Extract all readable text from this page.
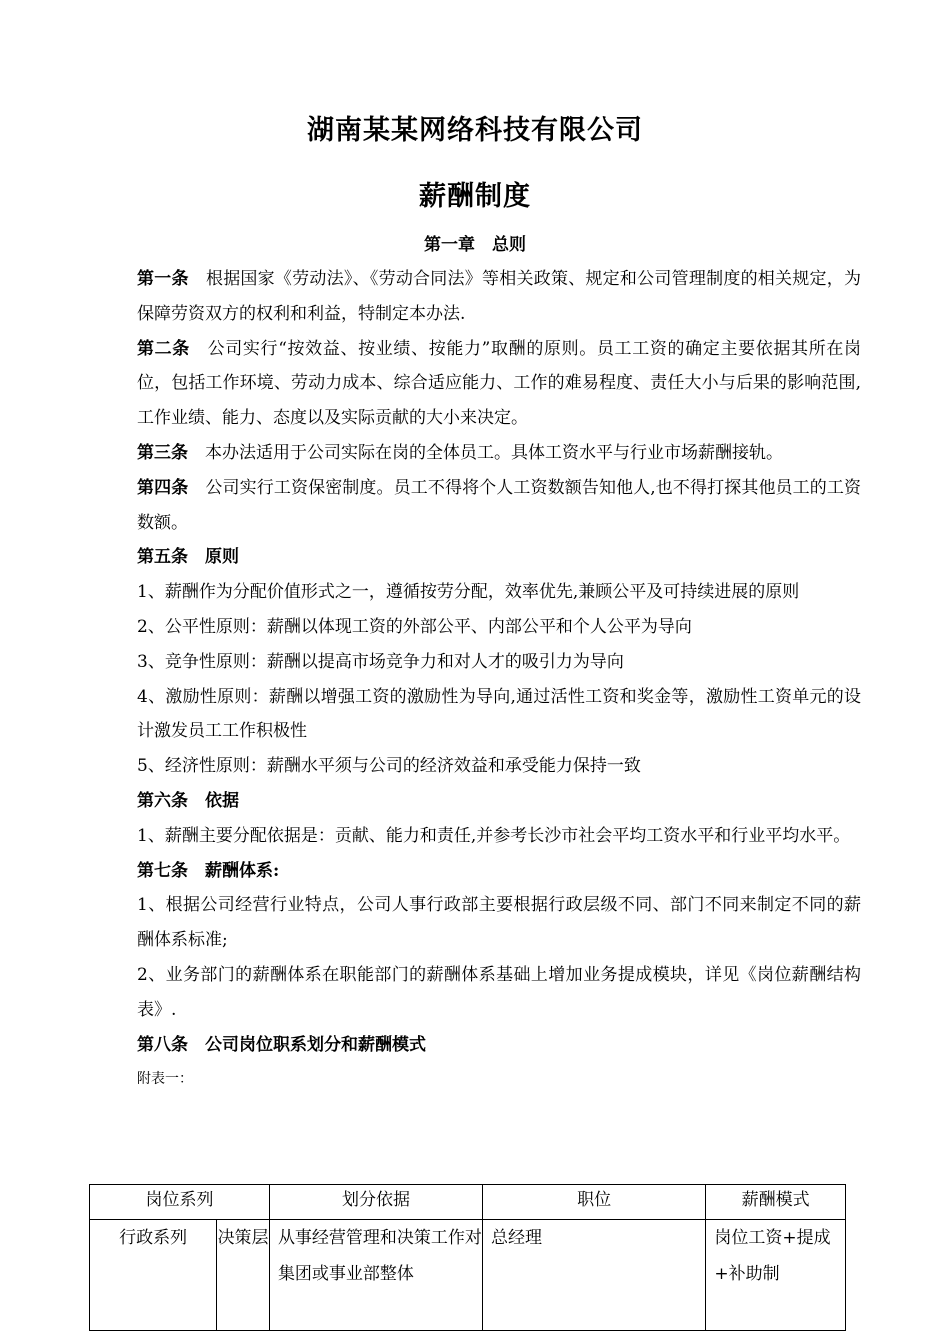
湖南某某网络科技有限公司
薪酬制度
第一章　总则

第一条　根据国家《劳动法》、《劳动合同法》等相关政策、规定和公司管理制度的相关规定，为保障劳资双方的权利和利益，特制定本办法.

第二条　公司实行“按效益、按业绩、按能力”取酬的原则。员工工资的确定主要依据其所在岗位，包括工作环境、劳动力成本、综合适应能力、工作的难易程度、责任大小与后果的影响范围,工作业绩、能力、态度以及实际贡献的大小来决定。

第三条　本办法适用于公司实际在岗的全体员工。具体工资水平与行业市场薪酬接轨。

第四条　公司实行工资保密制度。员工不得将个人工资数额告知他人,也不得打探其他员工的工资数额。

第五条　原则

1、薪酬作为分配价值形式之一，遵循按劳分配，效率优先,兼顾公平及可持续进展的原则

2、公平性原则：薪酬以体现工资的外部公平、内部公平和个人公平为导向

3、竞争性原则：薪酬以提高市场竞争力和对人才的吸引力为导向

4、激励性原则：薪酬以增强工资的激励性为导向,通过活性工资和奖金等，激励性工资单元的设计激发员工工作积极性

5、经济性原则：薪酬水平须与公司的经济效益和承受能力保持一致

第六条　依据

1、薪酬主要分配依据是：贡献、能力和责任,并参考长沙市社会平均工资水平和行业平均水平。

第七条　薪酬体系:

1、根据公司经营行业特点，公司人事行政部主要根据行政层级不同、部门不同来制定不同的薪酬体系标准;

2、业务部门的薪酬体系在职能部门的薪酬体系基础上增加业务提成模块，详见《岗位薪酬结构表》.

第八条　公司岗位职系划分和薪酬模式

附表一：

岗位系列		划分依据	职位	薪酬模式
行政系列	决策层	从事经营管理和决策工作对集团或事业部整体	总经理	岗位工资+提成+补助制
